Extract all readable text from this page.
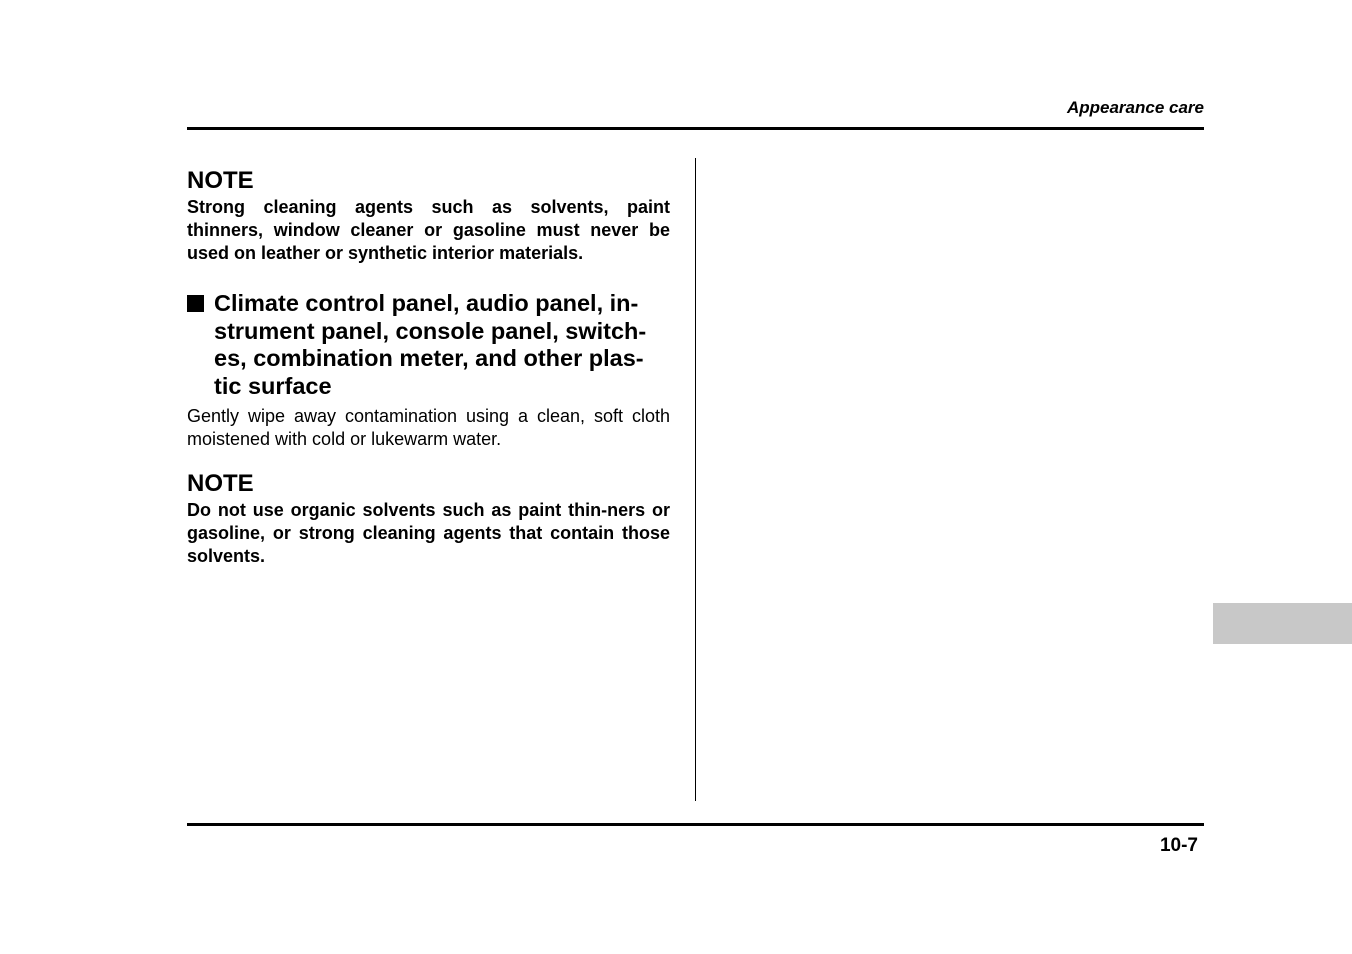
Appearance care

NOTE

Strong cleaning agents such as solvents, paint thinners, window cleaner or gasoline must never be used on leather or synthetic interior materials.

Climate control panel, audio panel, in-strument panel, console panel, switch-es, combination meter, and other plas-tic surface

Gently wipe away contamination using a clean, soft cloth moistened with cold or lukewarm water.

NOTE

Do not use organic solvents such as paint thin-ners or gasoline, or strong cleaning agents that contain those solvents.

10-7
